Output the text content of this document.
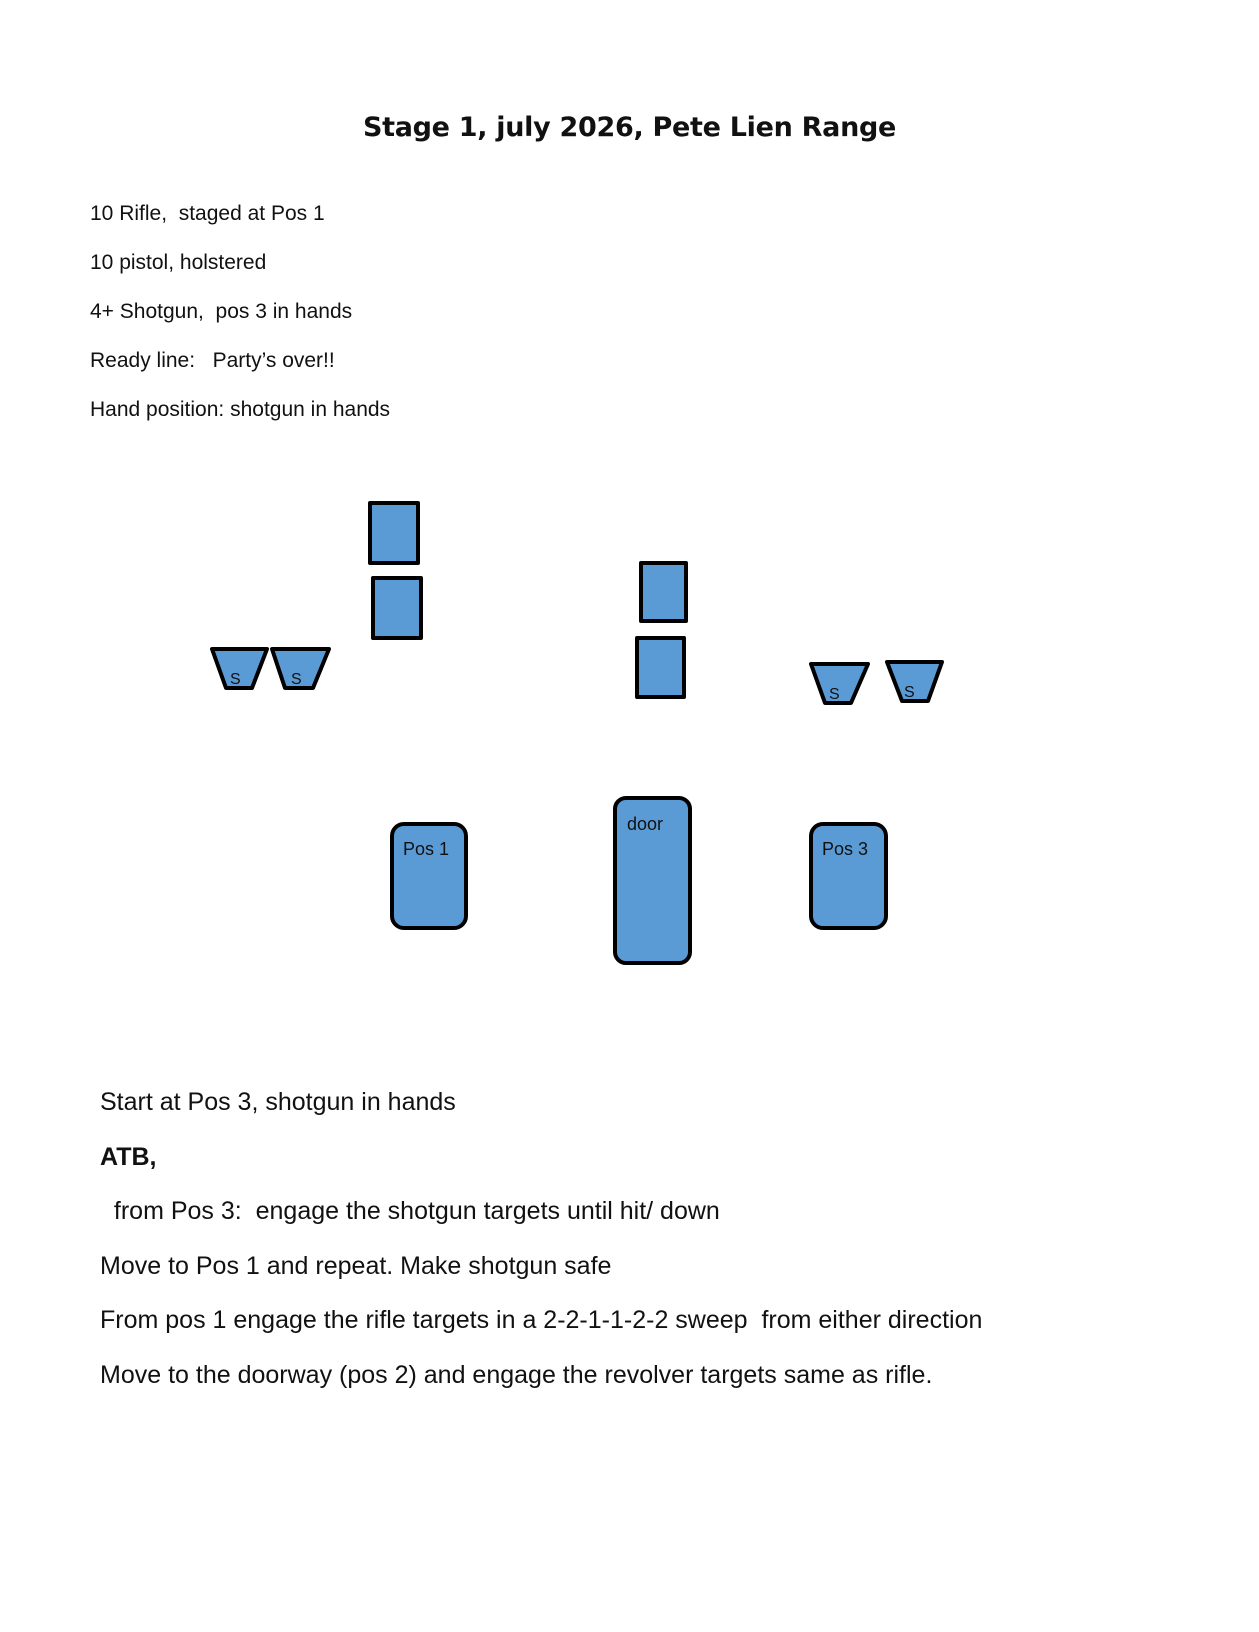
Stage 1, july 2026, Pete Lien Range
10 Rifle,  staged at Pos 1
10 pistol, holstered
4+ Shotgun,  pos 3 in hands
Ready line:   Party’s over!!
Hand position: shotgun in hands
S	S
S	S
Pos 1
door
Pos 3
Start at Pos 3, shotgun in hands
ATB,
from Pos 3:  engage the shotgun targets until hit/ down
Move to Pos 1 and repeat. Make shotgun safe
From pos 1 engage the rifle targets in a 2-2-1-1-2-2 sweep  from either direction
Move to the doorway (pos 2) and engage the revolver targets same as rifle.
